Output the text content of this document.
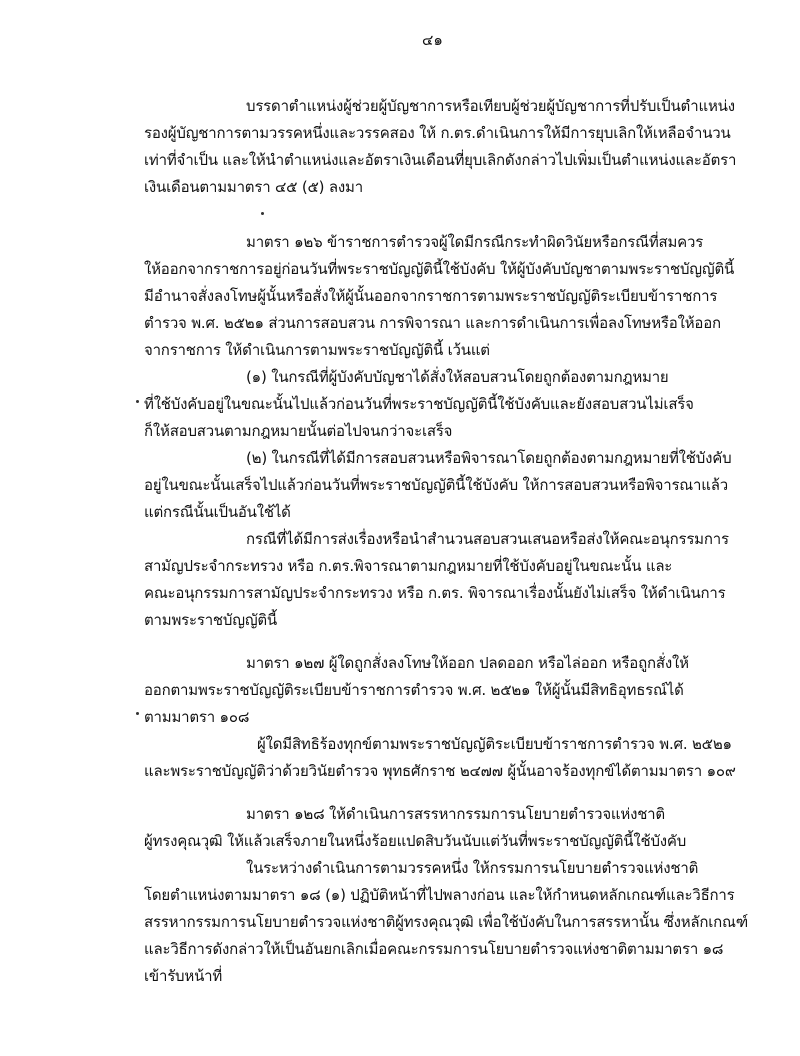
๔๑
บรรดาตำแหน่งผู้ช่วยผู้บัญชาการหรือเทียบผู้ช่วยผู้บัญชาการที่ปรับเป็นตำแหน่ง
รองผู้บัญชาการตามวรรคหนึ่งและวรรคสอง ให้ ก.ตร.ดำเนินการให้มีการยุบเลิกให้เหลือจำนวน
เท่าที่จำเป็น และให้นำตำแหน่งและอัตราเงินเดือนที่ยุบเลิกดังกล่าวไปเพิ่มเป็นตำแหน่งและอัตรา
เงินเดือนตามมาตรา ๔๕ (๕) ลงมา
มาตรา ๑๒๖ ข้าราชการตำรวจผู้ใดมีกรณีกระทำผิดวินัยหรือกรณีที่สมควร
ให้ออกจากราชการอยู่ก่อนวันที่พระราชบัญญัตินี้ใช้บังคับ ให้ผู้บังคับบัญชาตามพระราชบัญญัตินี้
มีอำนาจสั่งลงโทษผู้นั้นหรือสั่งให้ผู้นั้นออกจากราชการตามพระราชบัญญัติระเบียบข้าราชการ
ตำรวจ พ.ศ. ๒๕๒๑ ส่วนการสอบสวน การพิจารณา และการดำเนินการเพื่อลงโทษหรือให้ออก
จากราชการ ให้ดำเนินการตามพระราชบัญญัตินี้ เว้นแต่
(๑) ในกรณีที่ผู้บังคับบัญชาได้สั่งให้สอบสวนโดยถูกต้องตามกฎหมาย
ที่ใช้บังคับอยู่ในขณะนั้นไปแล้วก่อนวันที่พระราชบัญญัตินี้ใช้บังคับและยังสอบสวนไม่เสร็จ
ก็ให้สอบสวนตามกฎหมายนั้นต่อไปจนกว่าจะเสร็จ
(๒) ในกรณีที่ได้มีการสอบสวนหรือพิจารณาโดยถูกต้องตามกฎหมายที่ใช้บังคับ
อยู่ในขณะนั้นเสร็จไปแล้วก่อนวันที่พระราชบัญญัตินี้ใช้บังคับ ให้การสอบสวนหรือพิจารณาแล้ว
แต่กรณีนั้นเป็นอันใช้ได้
กรณีที่ได้มีการส่งเรื่องหรือนำสำนวนสอบสวนเสนอหรือส่งให้คณะอนุกรรมการ
สามัญประจำกระทรวง หรือ ก.ตร.พิจารณาตามกฎหมายที่ใช้บังคับอยู่ในขณะนั้น และ
คณะอนุกรรมการสามัญประจำกระทรวง หรือ ก.ตร. พิจารณาเรื่องนั้นยังไม่เสร็จ ให้ดำเนินการ
ตามพระราชบัญญัตินี้
มาตรา ๑๒๗ ผู้ใดถูกสั่งลงโทษให้ออก ปลดออก หรือไล่ออก หรือถูกสั่งให้
ออกตามพระราชบัญญัติระเบียบข้าราชการตำรวจ พ.ศ. ๒๕๒๑ ให้ผู้นั้นมีสิทธิอุทธรณ์ได้
ตามมาตรา ๑๐๘
ผู้ใดมีสิทธิร้องทุกข์ตามพระราชบัญญัติระเบียบข้าราชการตำรวจ พ.ศ. ๒๕๒๑
และพระราชบัญญัติว่าด้วยวินัยตำรวจ พุทธศักราช ๒๔๗๗ ผู้นั้นอาจร้องทุกข์ได้ตามมาตรา ๑๐๙
มาตรา ๑๒๘ ให้ดำเนินการสรรหากรรมการนโยบายตำรวจแห่งชาติ
ผู้ทรงคุณวุฒิ ให้แล้วเสร็จภายในหนึ่งร้อยแปดสิบวันนับแต่วันที่พระราชบัญญัตินี้ใช้บังคับ
ในระหว่างดำเนินการตามวรรคหนึ่ง ให้กรรมการนโยบายตำรวจแห่งชาติ
โดยตำแหน่งตามมาตรา ๑๘ (๑) ปฏิบัติหน้าที่ไปพลางก่อน และให้กำหนดหลักเกณฑ์และวิธีการ
สรรหากรรมการนโยบายตำรวจแห่งชาติผู้ทรงคุณวุฒิ เพื่อใช้บังคับในการสรรหานั้น ซึ่งหลักเกณฑ์
และวิธีการดังกล่าวให้เป็นอันยกเลิกเมื่อคณะกรรมการนโยบายตำรวจแห่งชาติตามมาตรา ๑๘
เข้ารับหน้าที่
